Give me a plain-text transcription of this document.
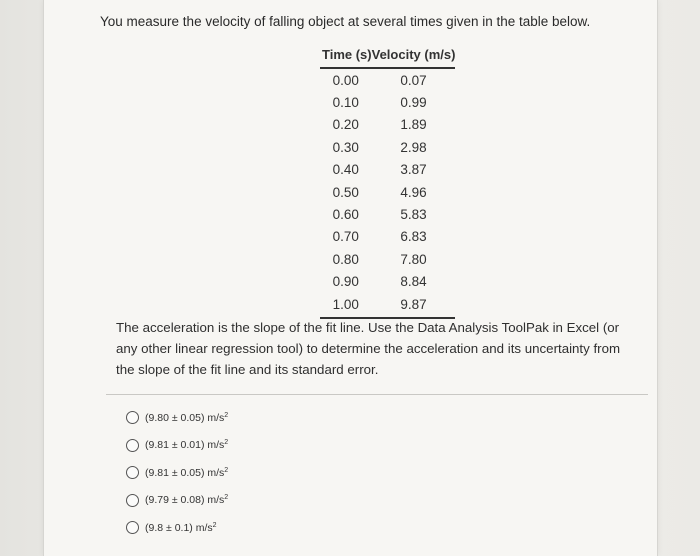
You measure the velocity of falling object at several times given in the table below.
Time (s)	Velocity (m/s)
0.00	0.07
0.10	0.99
0.20	1.89
0.30	2.98
0.40	3.87
0.50	4.96
0.60	5.83
0.70	6.83
0.80	7.80
0.90	8.84
1.00	9.87
The acceleration is the slope of the fit line. Use the Data Analysis ToolPak in Excel (or any other linear regression tool) to determine the acceleration and its uncertainty from the slope of the fit line and its standard error.
(9.80 ± 0.05) $m/s^2$
(9.81 ± 0.01) $m/s^2$
(9.81 ± 0.05) $m/s^2$
(9.79 ± 0.08) $m/s^2$
(9.8 ± 0.1) $m/s^2$
